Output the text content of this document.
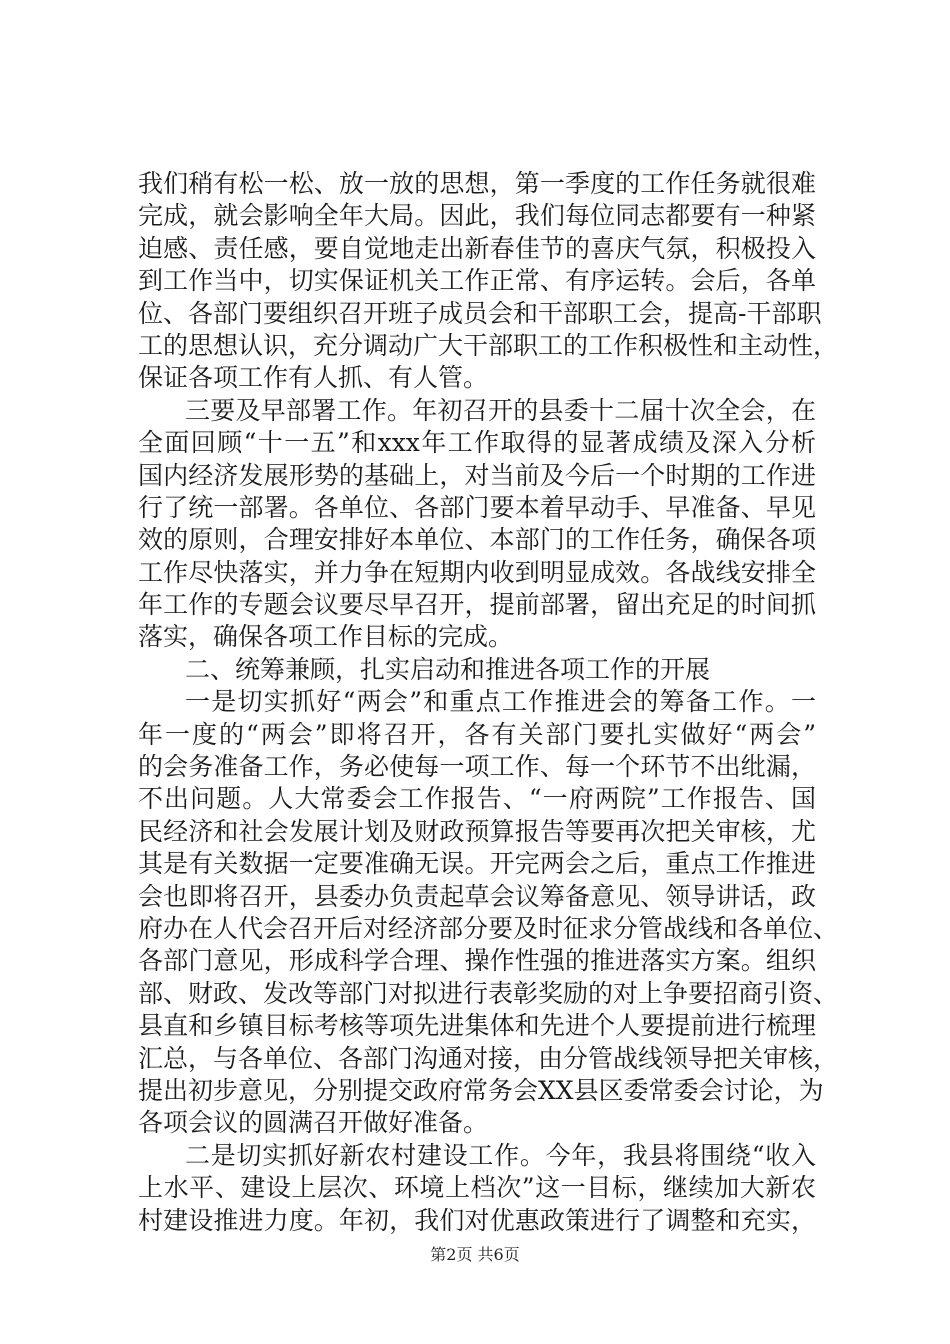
我们稍有松一松、放一放的思想，第一季度的工作任务就很难
完成，就会影响全年大局。因此，我们每位同志都要有一种紧
迫感、责任感，要自觉地走出新春佳节的喜庆气氛，积极投入
到工作当中，切实保证机关工作正常、有序运转。会后，各单
位、各部门要组织召开班子成员会和干部职工会，提高-干部职
工的思想认识，充分调动广大干部职工的工作积极性和主动性，
保证各项工作有人抓、有人管。
三要及早部署工作。年初召开的县委十二届十次全会，在
全面回顾“十一五”和xxx年工作取得的显著成绩及深入分析
国内经济发展形势的基础上，对当前及今后一个时期的工作进
行了统一部署。各单位、各部门要本着早动手、早准备、早见
效的原则，合理安排好本单位、本部门的工作任务，确保各项
工作尽快落实，并力争在短期内收到明显成效。各战线安排全
年工作的专题会议要尽早召开，提前部署，留出充足的时间抓
落实，确保各项工作目标的完成。
二、统筹兼顾，扎实启动和推进各项工作的开展
一是切实抓好“两会”和重点工作推进会的筹备工作。一
年一度的“两会”即将召开，各有关部门要扎实做好“两会”
的会务准备工作，务必使每一项工作、每一个环节不出纰漏，
不出问题。人大常委会工作报告、“一府两院”工作报告、国
民经济和社会发展计划及财政预算报告等要再次把关审核，尤
其是有关数据一定要准确无误。开完两会之后，重点工作推进
会也即将召开，县委办负责起草会议筹备意见、领导讲话，政
府办在人代会召开后对经济部分要及时征求分管战线和各单位、
各部门意见，形成科学合理、操作性强的推进落实方案。组织
部、财政、发改等部门对拟进行表彰奖励的对上争要招商引资、
县直和乡镇目标考核等项先进集体和先进个人要提前进行梳理
汇总，与各单位、各部门沟通对接，由分管战线领导把关审核，
提出初步意见，分别提交政府常务会XX县区委常委会讨论，为
各项会议的圆满召开做好准备。
二是切实抓好新农村建设工作。今年，我县将围绕“收入
上水平、建设上层次、环境上档次”这一目标，继续加大新农
村建设推进力度。年初，我们对优惠政策进行了调整和充实，
第2页 共6页
